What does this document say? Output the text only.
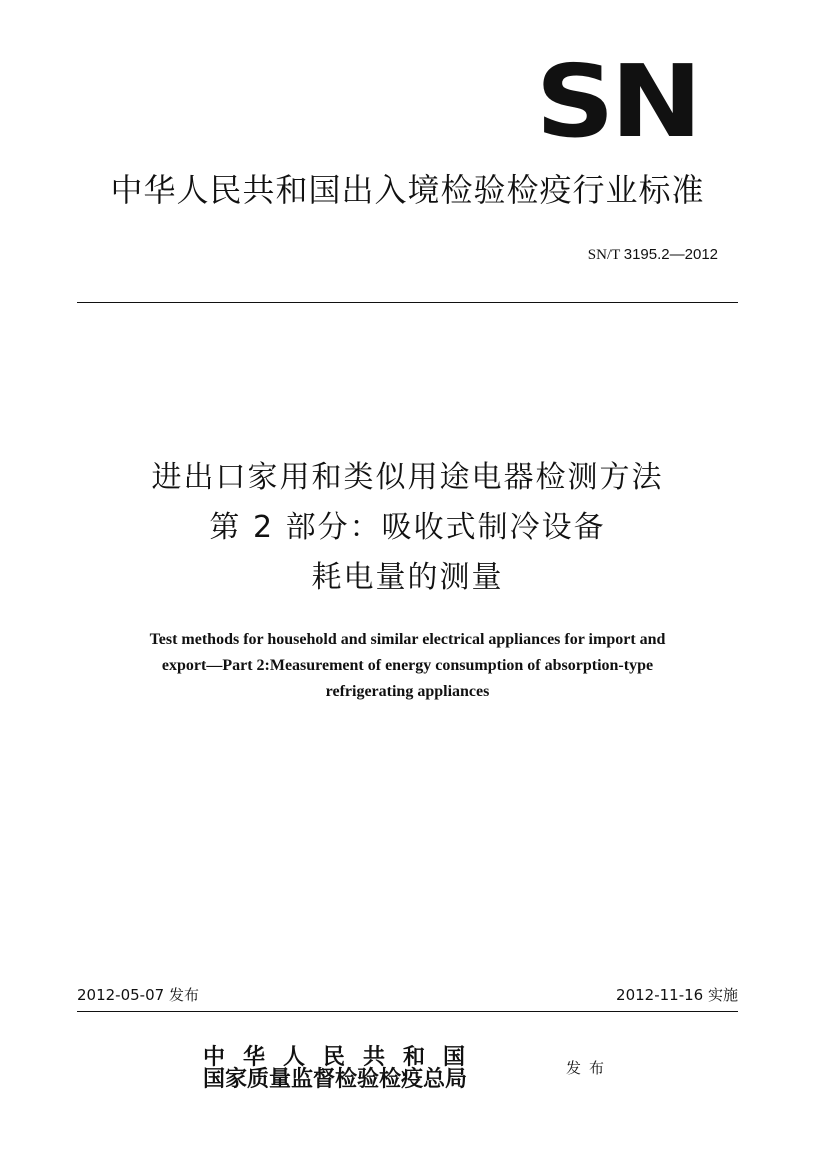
SN
中华人民共和国出入境检验检疫行业标准
SN/T 3195.2—2012
进出口家用和类似用途电器检测方法
第 2 部分：吸收式制冷设备
耗电量的测量
Test methods for household and similar electrical appliances for import and
export—Part 2:Measurement of energy consumption of absorption-type
refrigerating appliances
2012-05-07 发布	2012-11-16 实施
中华人民共和国
国家质量监督检验检疫总局	发布
